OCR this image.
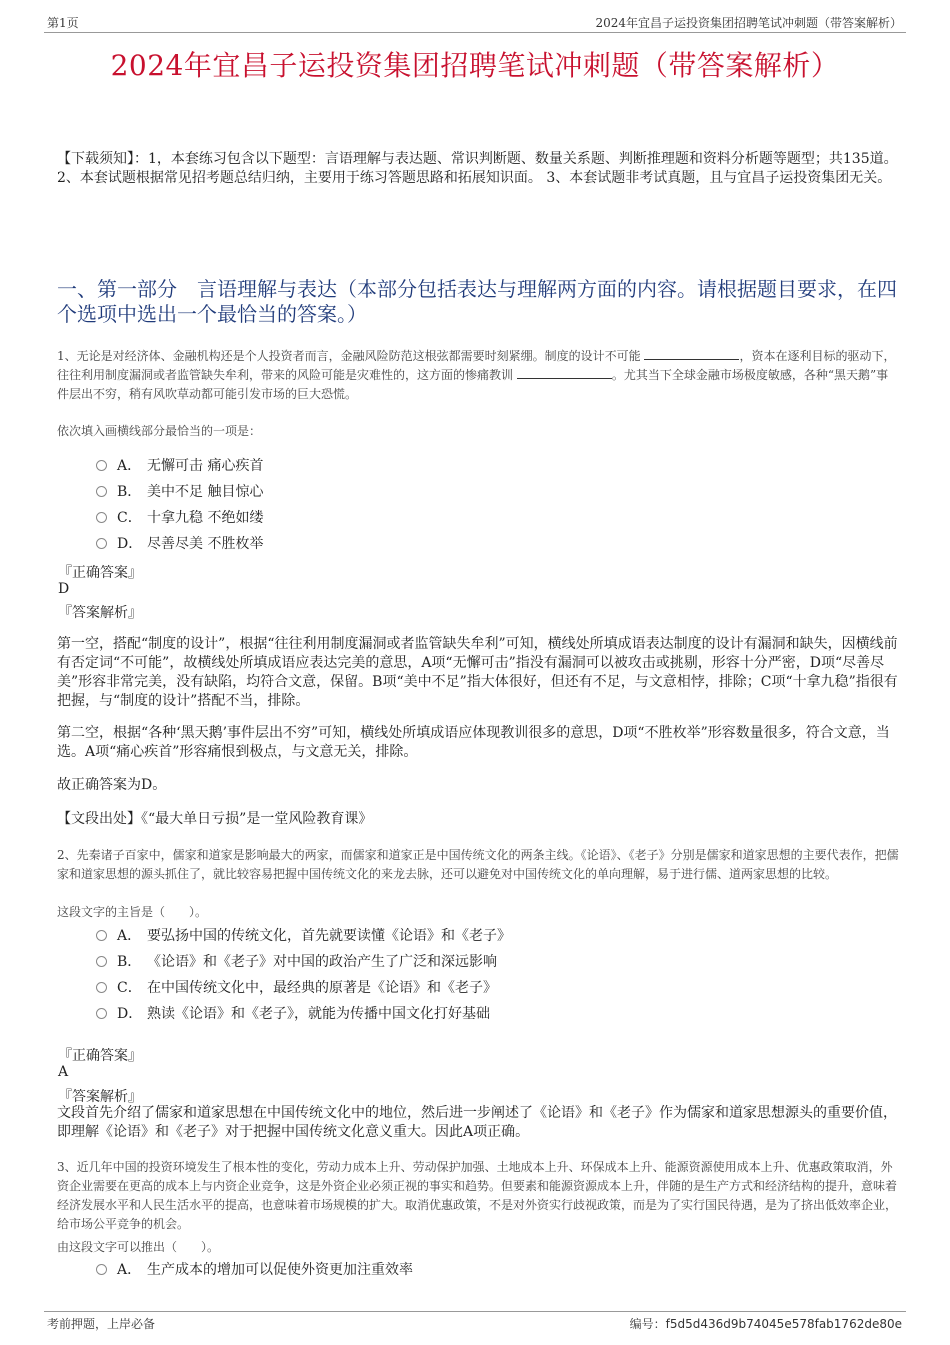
第1页	2024年宜昌子运投资集团招聘笔试冲刺题（带答案解析）
2024年宜昌子运投资集团招聘笔试冲刺题（带答案解析）
【下载须知】：1，本套练习包含以下题型：言语理解与表达题、常识判断题、数量关系题、判断推理题和资料分析题等题型；共135道。 2、本套试题根据常见招考题总结归纳，主要用于练习答题思路和拓展知识面。 3、本套试题非考试真题，且与宜昌子运投资集团无关。
一、第一部分　言语理解与表达（本部分包括表达与理解两方面的内容。请根据题目要求，在四个选项中选出一个最恰当的答案。）
1、无论是对经济体、金融机构还是个人投资者而言，金融风险防范这根弦都需要时刻紧绷。制度的设计不可能	，资本在逐利目标的驱动下，往往利用制度漏洞或者监管缺失牟利，带来的风险可能是灾难性的，这方面的惨痛教训	。尤其当下全球金融市场极度敏感，各种“黑天鹅”事件层出不穷，稍有风吹草动都可能引发市场的巨大恐慌。
依次填入画横线部分最恰当的一项是：
A． 无懈可击 痛心疾首
B． 美中不足 触目惊心
C． 十拿九稳 不绝如缕
D． 尽善尽美 不胜枚举
『正确答案』
D
『答案解析』
第一空，搭配“制度的设计”，根据“往往利用制度漏洞或者监管缺失牟利”可知，横线处所填成语表达制度的设计有漏洞和缺失，因横线前有否定词“不可能”，故横线处所填成语应表达完美的意思，A项“无懈可击”指没有漏洞可以被攻击或挑剔，形容十分严密，D项“尽善尽美”形容非常完美，没有缺陷，均符合文意，保留。B项“美中不足”指大体很好，但还有不足，与文意相悖，排除；C项“十拿九稳”指很有把握，与“制度的设计”搭配不当，排除。
第二空，根据“各种‘黑天鹅’事件层出不穷”可知，横线处所填成语应体现教训很多的意思，D项“不胜枚举”形容数量很多，符合文意，当选。A项“痛心疾首”形容痛恨到极点，与文意无关，排除。
故正确答案为D。
【文段出处】《“最大单日亏损”是一堂风险教育课》
2、先秦诸子百家中，儒家和道家是影响最大的两家，而儒家和道家正是中国传统文化的两条主线。《论语》、《老子》分别是儒家和道家思想的主要代表作，把儒家和道家思想的源头抓住了，就比较容易把握中国传统文化的来龙去脉，还可以避免对中国传统文化的单向理解，易于进行儒、道两家思想的比较。
这段文字的主旨是（　　）。
A． 要弘扬中国的传统文化，首先就要读懂《论语》和《老子》
B． 《论语》和《老子》对中国的政治产生了广泛和深远影响
C． 在中国传统文化中，最经典的原著是《论语》和《老子》
D． 熟读《论语》和《老子》，就能为传播中国文化打好基础
『正确答案』
A
『答案解析』
文段首先介绍了儒家和道家思想在中国传统文化中的地位，然后进一步阐述了《论语》和《老子》作为儒家和道家思想源头的重要价值，即理解《论语》和《老子》对于把握中国传统文化意义重大。因此A项正确。
3、近几年中国的投资环境发生了根本性的变化，劳动力成本上升、劳动保护加强、土地成本上升、环保成本上升、能源资源使用成本上升、优惠政策取消，外资企业需要在更高的成本上与内资企业竞争，这是外资企业必须正视的事实和趋势。但要素和能源资源成本上升，伴随的是生产方式和经济结构的提升，意味着经济发展水平和人民生活水平的提高，也意味着市场规模的扩大。取消优惠政策，不是对外资实行歧视政策，而是为了实行国民待遇，是为了挤出低效率企业，给市场公平竞争的机会。
由这段文字可以推出（　　）。
A． 生产成本的增加可以促使外资更加注重效率
考前押题，上岸必备	编号：f5d5d436d9b74045e578fab1762de80e
